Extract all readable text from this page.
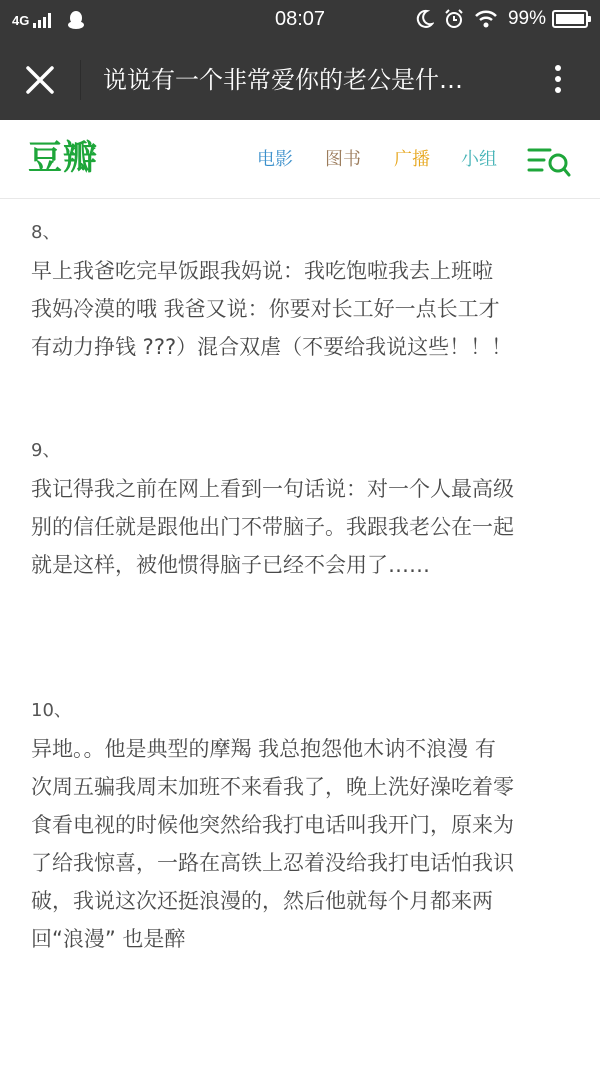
4G	08:07	99%
说说有一个非常爱你的老公是什…
豆瓣	电影 图书 广播 小组
8、
早上我爸吃完早饭跟我妈说：我吃饱啦我去上班啦
我妈冷漠的哦 我爸又说：你要对长工好一点长工才
有动力挣钱 ???）混合双虐（不要给我说这些！！！
9、
我记得我之前在网上看到一句话说：对一个人最高级
别的信任就是跟他出门不带脑子。我跟我老公在一起
就是这样，被他惯得脑子已经不会用了……
10、
异地。。他是典型的摩羯 我总抱怨他木讷不浪漫 有
次周五骗我周末加班不来看我了，晚上洗好澡吃着零
食看电视的时候他突然给我打电话叫我开门，原来为
了给我惊喜，一路在高铁上忍着没给我打电话怕我识
破，我说这次还挺浪漫的，然后他就每个月都来两
回“浪漫” 也是醉
